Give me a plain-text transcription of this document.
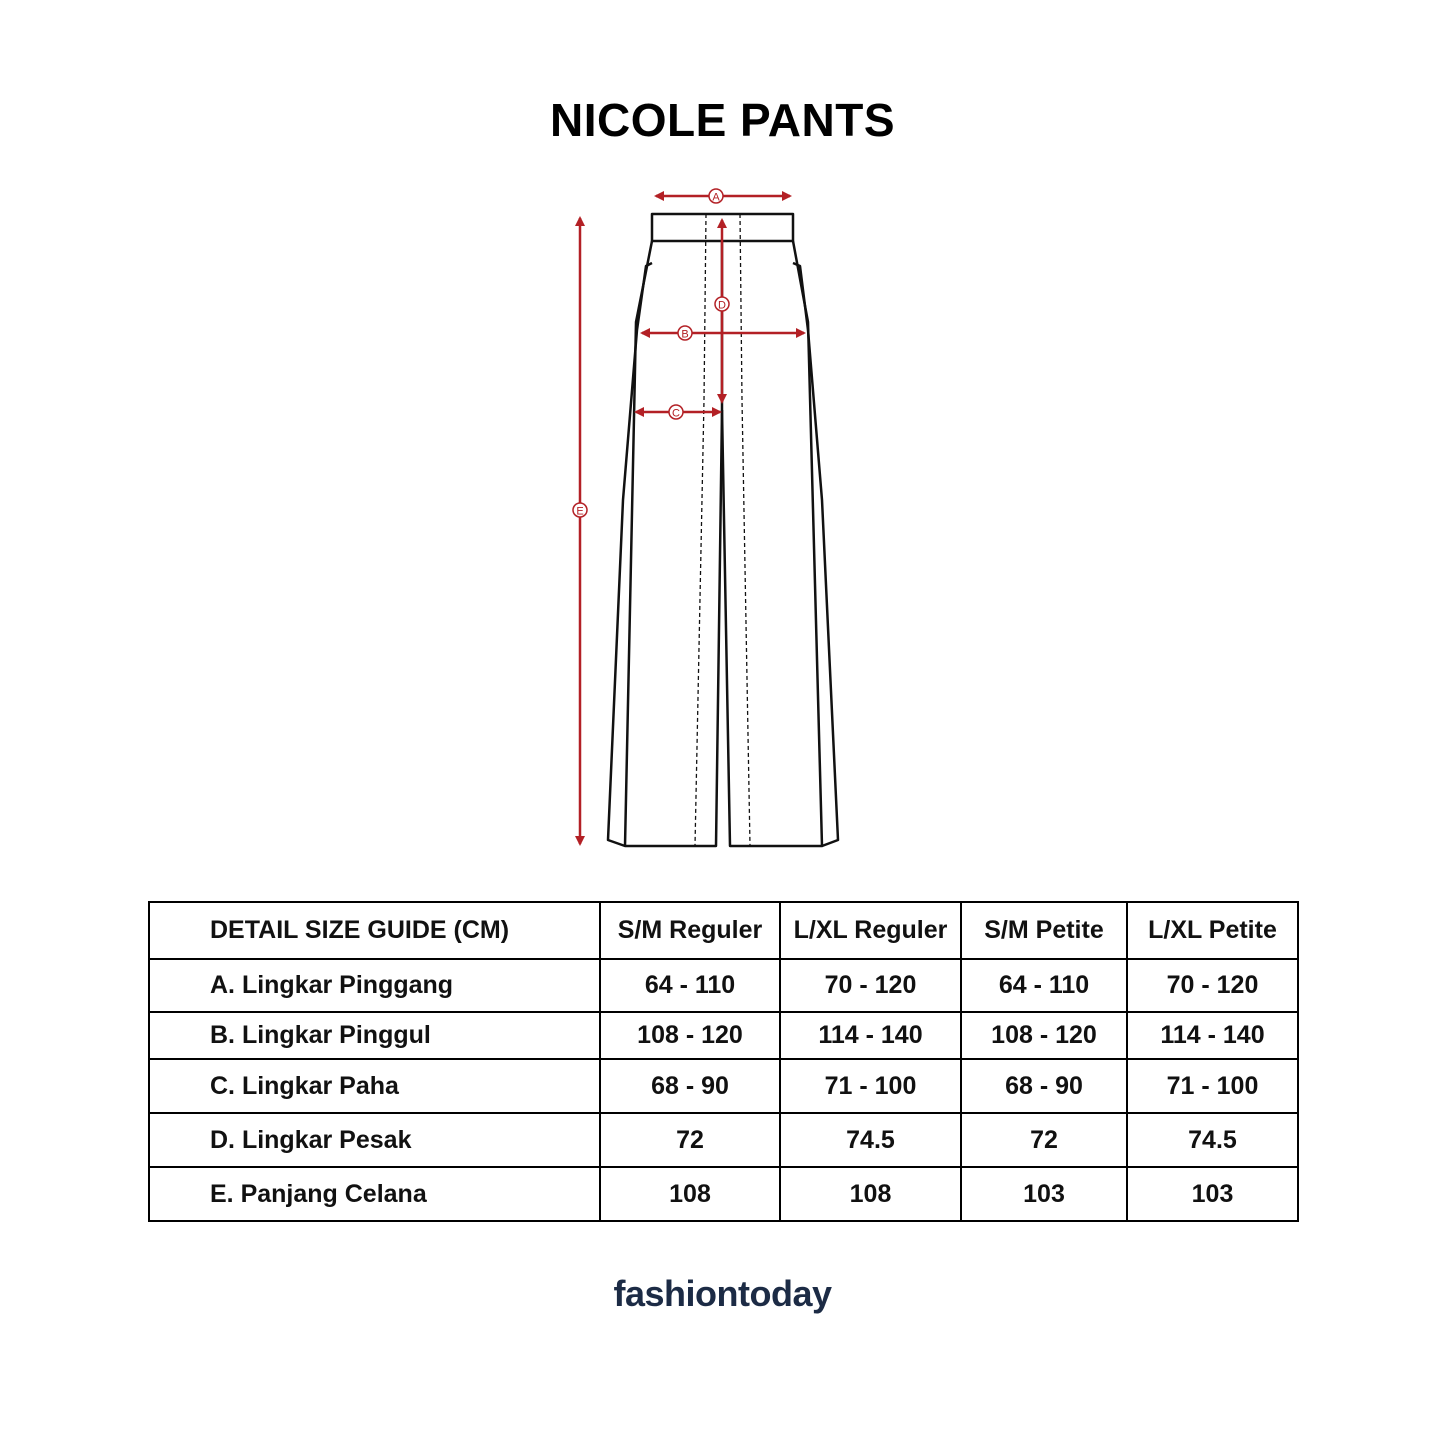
NICOLE PANTS
A
B
C
D
E
DETAIL SIZE GUIDE (CM)	S/M Reguler	L/XL Reguler	S/M Petite	L/XL Petite
A. Lingkar Pinggang	64 - 110	70 - 120	64 - 110	70 - 120
B. Lingkar Pinggul	108 - 120	114 - 140	108 - 120	114 - 140
C. Lingkar Paha	68 - 90	71 - 100	68 - 90	71 - 100
D. Lingkar Pesak	72	74.5	72	74.5
E. Panjang Celana	108	108	103	103
fashiontoday
